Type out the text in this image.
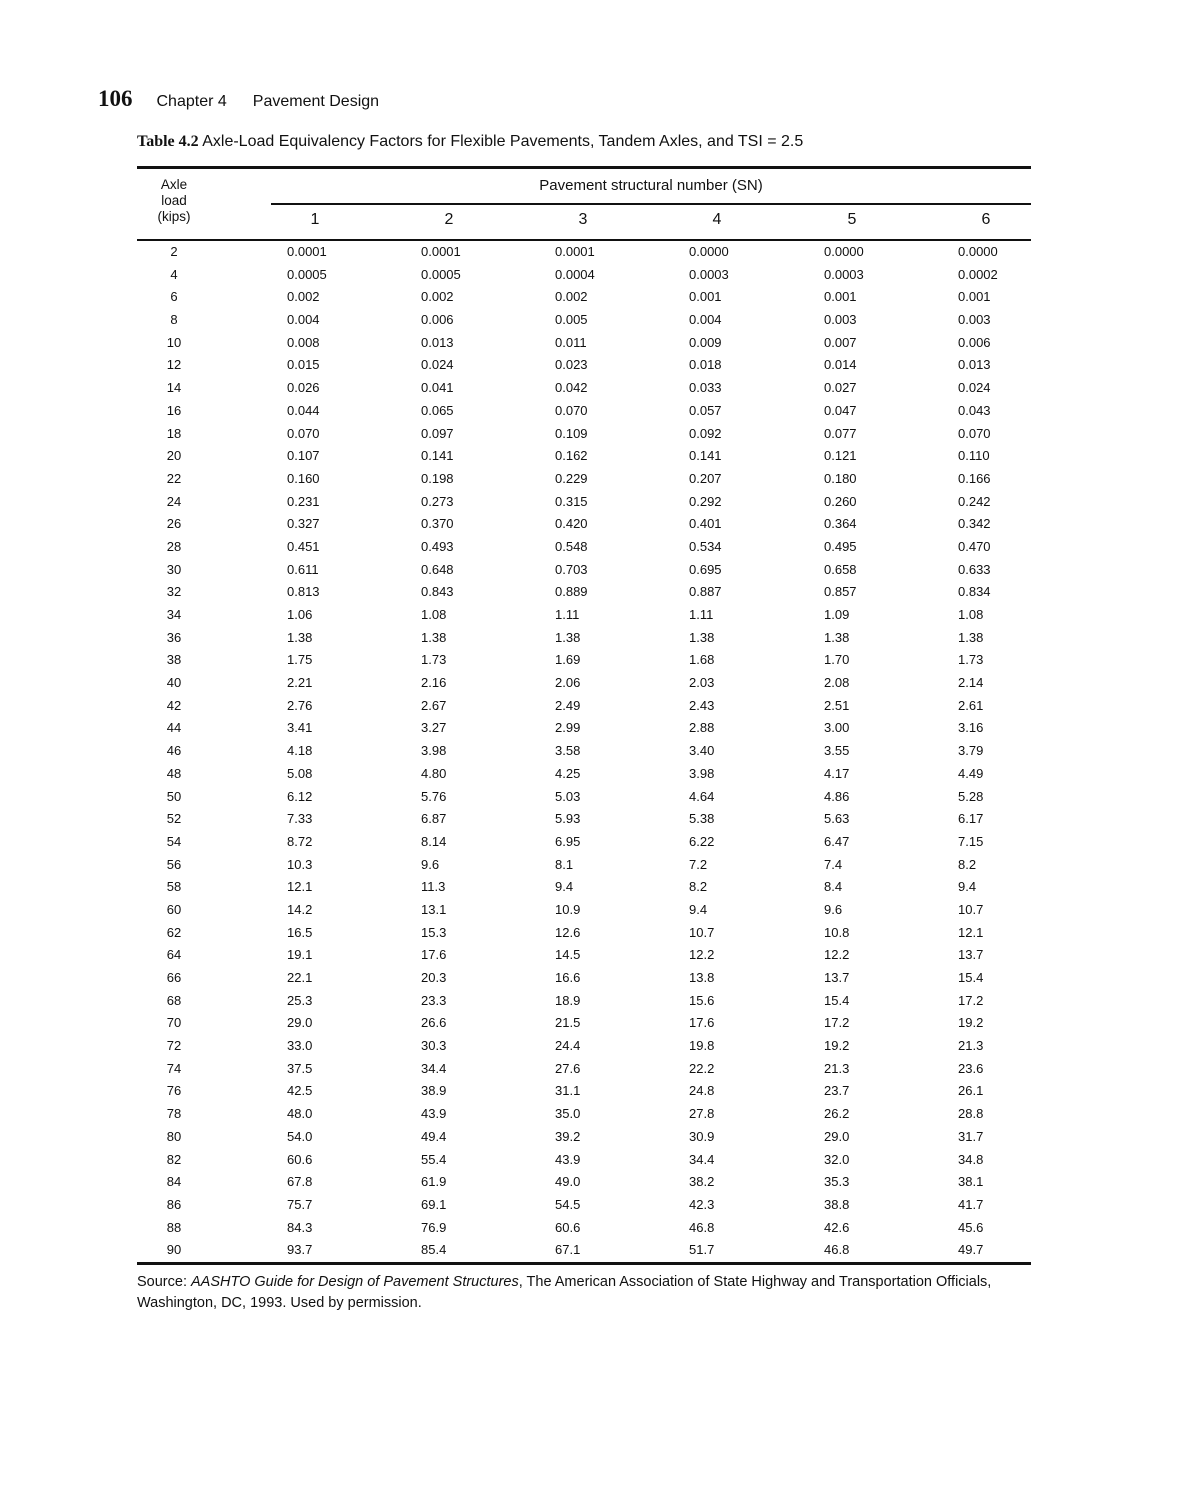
106 Chapter 4 Pavement Design
Table 4.2 Axle-Load Equivalency Factors for Flexible Pavements, Tandem Axles, and TSI = 2.5
Axle
load
(kips)
Pavement structural number (SN)
1	2	3	4	5	6
2	0.0001	0.0001	0.0001	0.0000	0.0000	0.0000
4	0.0005	0.0005	0.0004	0.0003	0.0003	0.0002
6	0.002	0.002	0.002	0.001	0.001	0.001
8	0.004	0.006	0.005	0.004	0.003	0.003
10	0.008	0.013	0.011	0.009	0.007	0.006
12	0.015	0.024	0.023	0.018	0.014	0.013
14	0.026	0.041	0.042	0.033	0.027	0.024
16	0.044	0.065	0.070	0.057	0.047	0.043
18	0.070	0.097	0.109	0.092	0.077	0.070
20	0.107	0.141	0.162	0.141	0.121	0.110
22	0.160	0.198	0.229	0.207	0.180	0.166
24	0.231	0.273	0.315	0.292	0.260	0.242
26	0.327	0.370	0.420	0.401	0.364	0.342
28	0.451	0.493	0.548	0.534	0.495	0.470
30	0.611	0.648	0.703	0.695	0.658	0.633
32	0.813	0.843	0.889	0.887	0.857	0.834
34	1.06	1.08	1.11	1.11	1.09	1.08
36	1.38	1.38	1.38	1.38	1.38	1.38
38	1.75	1.73	1.69	1.68	1.70	1.73
40	2.21	2.16	2.06	2.03	2.08	2.14
42	2.76	2.67	2.49	2.43	2.51	2.61
44	3.41	3.27	2.99	2.88	3.00	3.16
46	4.18	3.98	3.58	3.40	3.55	3.79
48	5.08	4.80	4.25	3.98	4.17	4.49
50	6.12	5.76	5.03	4.64	4.86	5.28
52	7.33	6.87	5.93	5.38	5.63	6.17
54	8.72	8.14	6.95	6.22	6.47	7.15
56	10.3	9.6	8.1	7.2	7.4	8.2
58	12.1	11.3	9.4	8.2	8.4	9.4
60	14.2	13.1	10.9	9.4	9.6	10.7
62	16.5	15.3	12.6	10.7	10.8	12.1
64	19.1	17.6	14.5	12.2	12.2	13.7
66	22.1	20.3	16.6	13.8	13.7	15.4
68	25.3	23.3	18.9	15.6	15.4	17.2
70	29.0	26.6	21.5	17.6	17.2	19.2
72	33.0	30.3	24.4	19.8	19.2	21.3
74	37.5	34.4	27.6	22.2	21.3	23.6
76	42.5	38.9	31.1	24.8	23.7	26.1
78	48.0	43.9	35.0	27.8	26.2	28.8
80	54.0	49.4	39.2	30.9	29.0	31.7
82	60.6	55.4	43.9	34.4	32.0	34.8
84	67.8	61.9	49.0	38.2	35.3	38.1
86	75.7	69.1	54.5	42.3	38.8	41.7
88	84.3	76.9	60.6	46.8	42.6	45.6
90	93.7	85.4	67.1	51.7	46.8	49.7
Source: AASHTO Guide for Design of Pavement Structures, The American Association of State Highway and Transportation Officials, Washington, DC, 1993. Used by permission.
